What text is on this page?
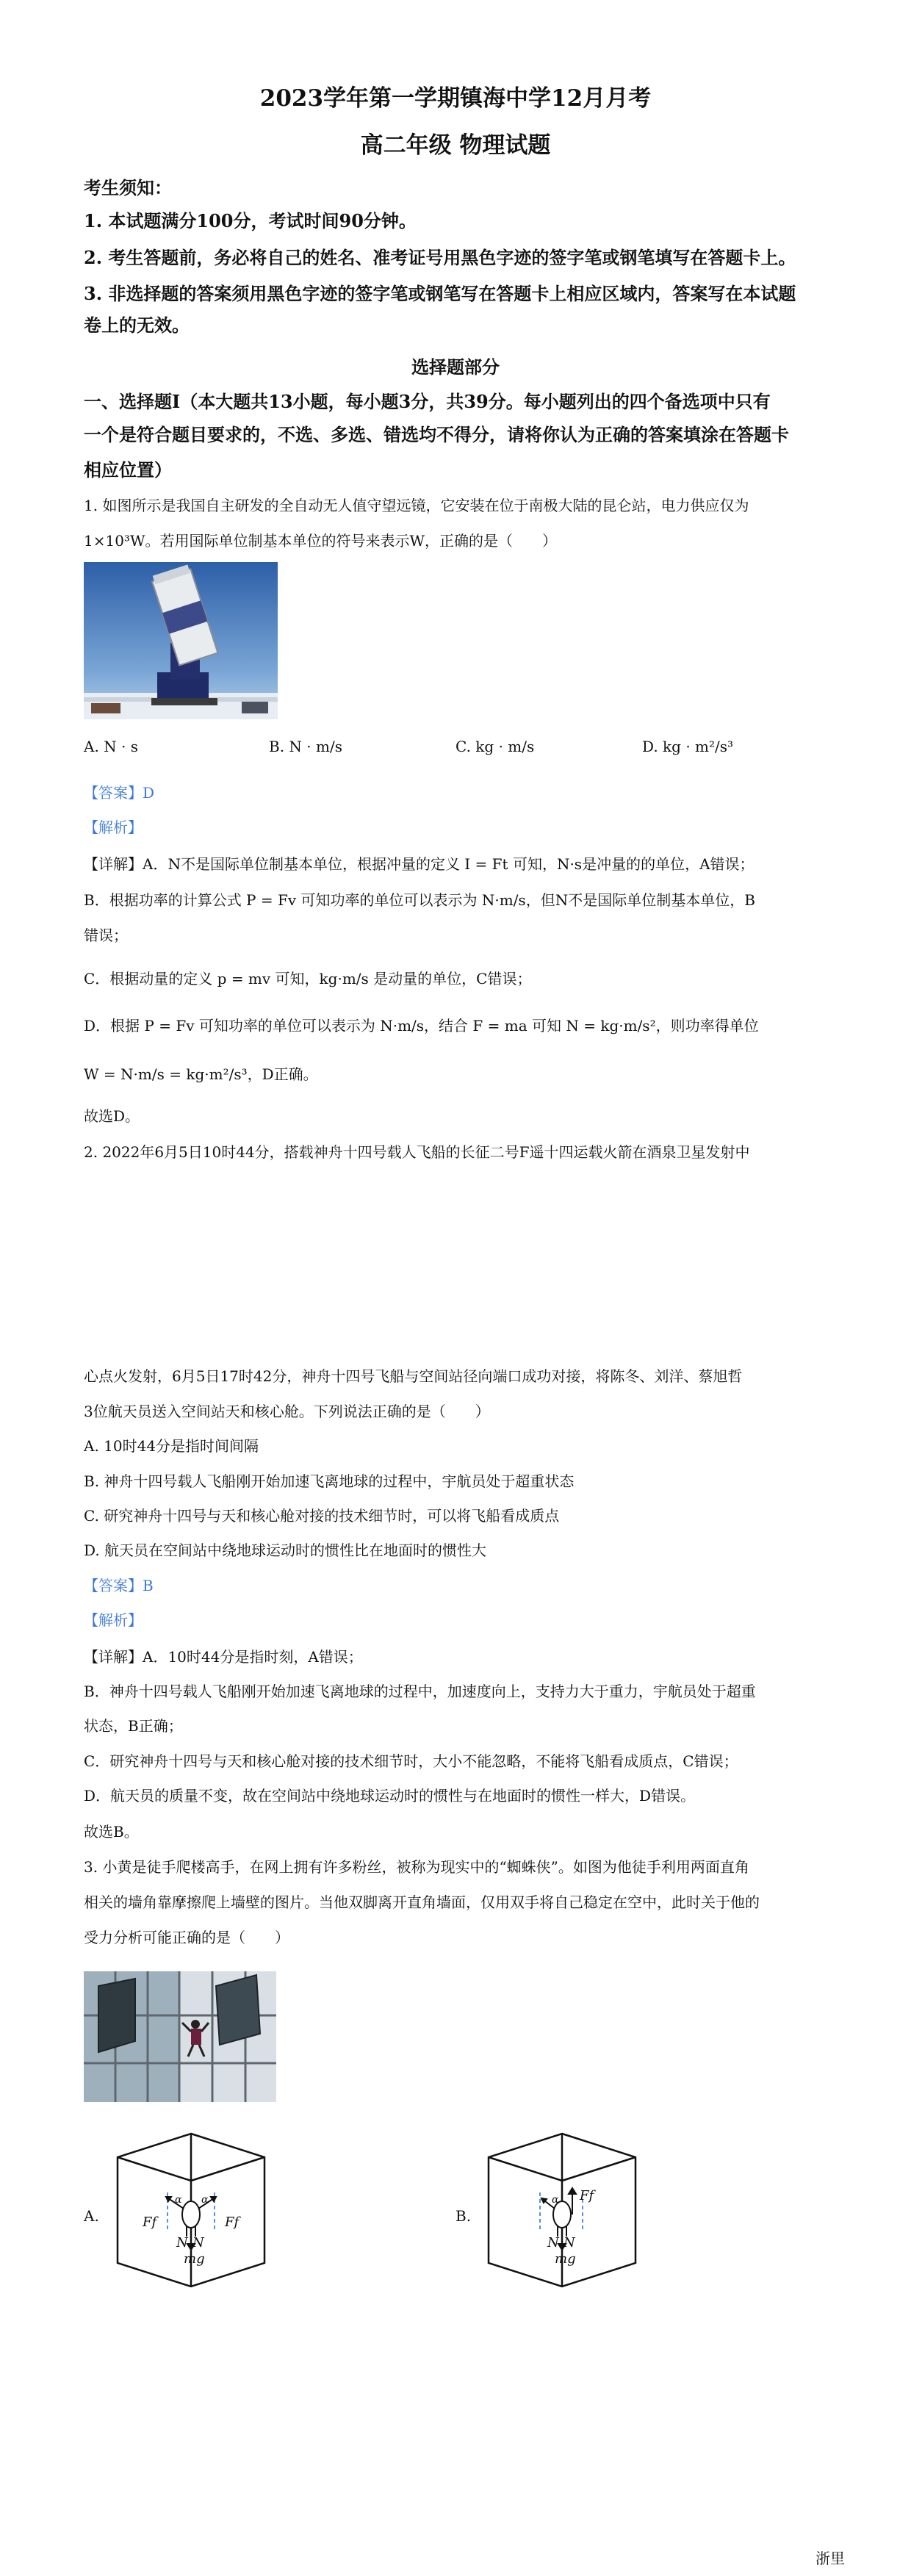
2023学年第一学期镇海中学12月月考
高二年级 物理试题
考生须知：
1. 本试题满分100分，考试时间90分钟。
2. 考生答题前，务必将自己的姓名、准考证号用黑色字迹的签字笔或钢笔填写在答题卡上。
3. 非选择题的答案须用黑色字迹的签字笔或钢笔写在答题卡上相应区域内，答案写在本试题
卷上的无效。
选择题部分
一、选择题Ⅰ（本大题共13小题，每小题3分，共39分。每小题列出的四个备选项中只有
一个是符合题目要求的，不选、多选、错选均不得分，请将你认为正确的答案填涂在答题卡
相应位置）
1. 如图所示是我国自主研发的全自动无人值守望远镜，它安装在位于南极大陆的昆仑站，电力供应仅为
1×10³W。若用国际单位制基本单位的符号来表示W，正确的是（　　）
A. N · s	B. N · m/s	C. kg · m/s	D. kg · m²/s³
【答案】D
【解析】
【详解】A．N不是国际单位制基本单位，根据冲量的定义 I = Ft 可知，N·s是冲量的的单位，A错误；
B．根据功率的计算公式 P = Fv 可知功率的单位可以表示为 N·m/s，但N不是国际单位制基本单位，B
错误；
C．根据动量的定义 p = mv 可知，kg·m/s 是动量的单位，C错误；
D．根据 P = Fv 可知功率的单位可以表示为 N·m/s，结合 F = ma 可知 N = kg·m/s²，则功率得单位
W = N·m/s = kg·m²/s³，D正确。
故选D。
2. 2022年6月5日10时44分，搭载神舟十四号载人飞船的长征二号F遥十四运载火箭在酒泉卫星发射中
心点火发射，6月5日17时42分，神舟十四号飞船与空间站径向端口成功对接，将陈冬、刘洋、蔡旭哲
3位航天员送入空间站天和核心舱。下列说法正确的是（　　）
A. 10时44分是指时间间隔
B. 神舟十四号载人飞船刚开始加速飞离地球的过程中，宇航员处于超重状态
C. 研究神舟十四号与天和核心舱对接的技术细节时，可以将飞船看成质点
D. 航天员在空间站中绕地球运动时的惯性比在地面时的惯性大
【答案】B
【解析】
【详解】A．10时44分是指时刻，A错误；
B．神舟十四号载人飞船刚开始加速飞离地球的过程中，加速度向上，支持力大于重力，宇航员处于超重
状态，B正确；
C．研究神舟十四号与天和核心舱对接的技术细节时，大小不能忽略，不能将飞船看成质点，C错误；
D．航天员的质量不变，故在空间站中绕地球运动时的惯性与在地面时的惯性一样大，D错误。
故选B。
3. 小黄是徒手爬楼高手，在网上拥有许多粉丝，被称为现实中的“蜘蛛侠”。如图为他徒手利用两面直角
相关的墙角靠摩擦爬上墙壁的图片。当他双脚离开直角墙面，仅用双手将自己稳定在空中，此时关于他的
受力分析可能正确的是（　　）
A.
α α
Ff	Ff
N N
mg
B.
α Ff
N N
mg
浙里
